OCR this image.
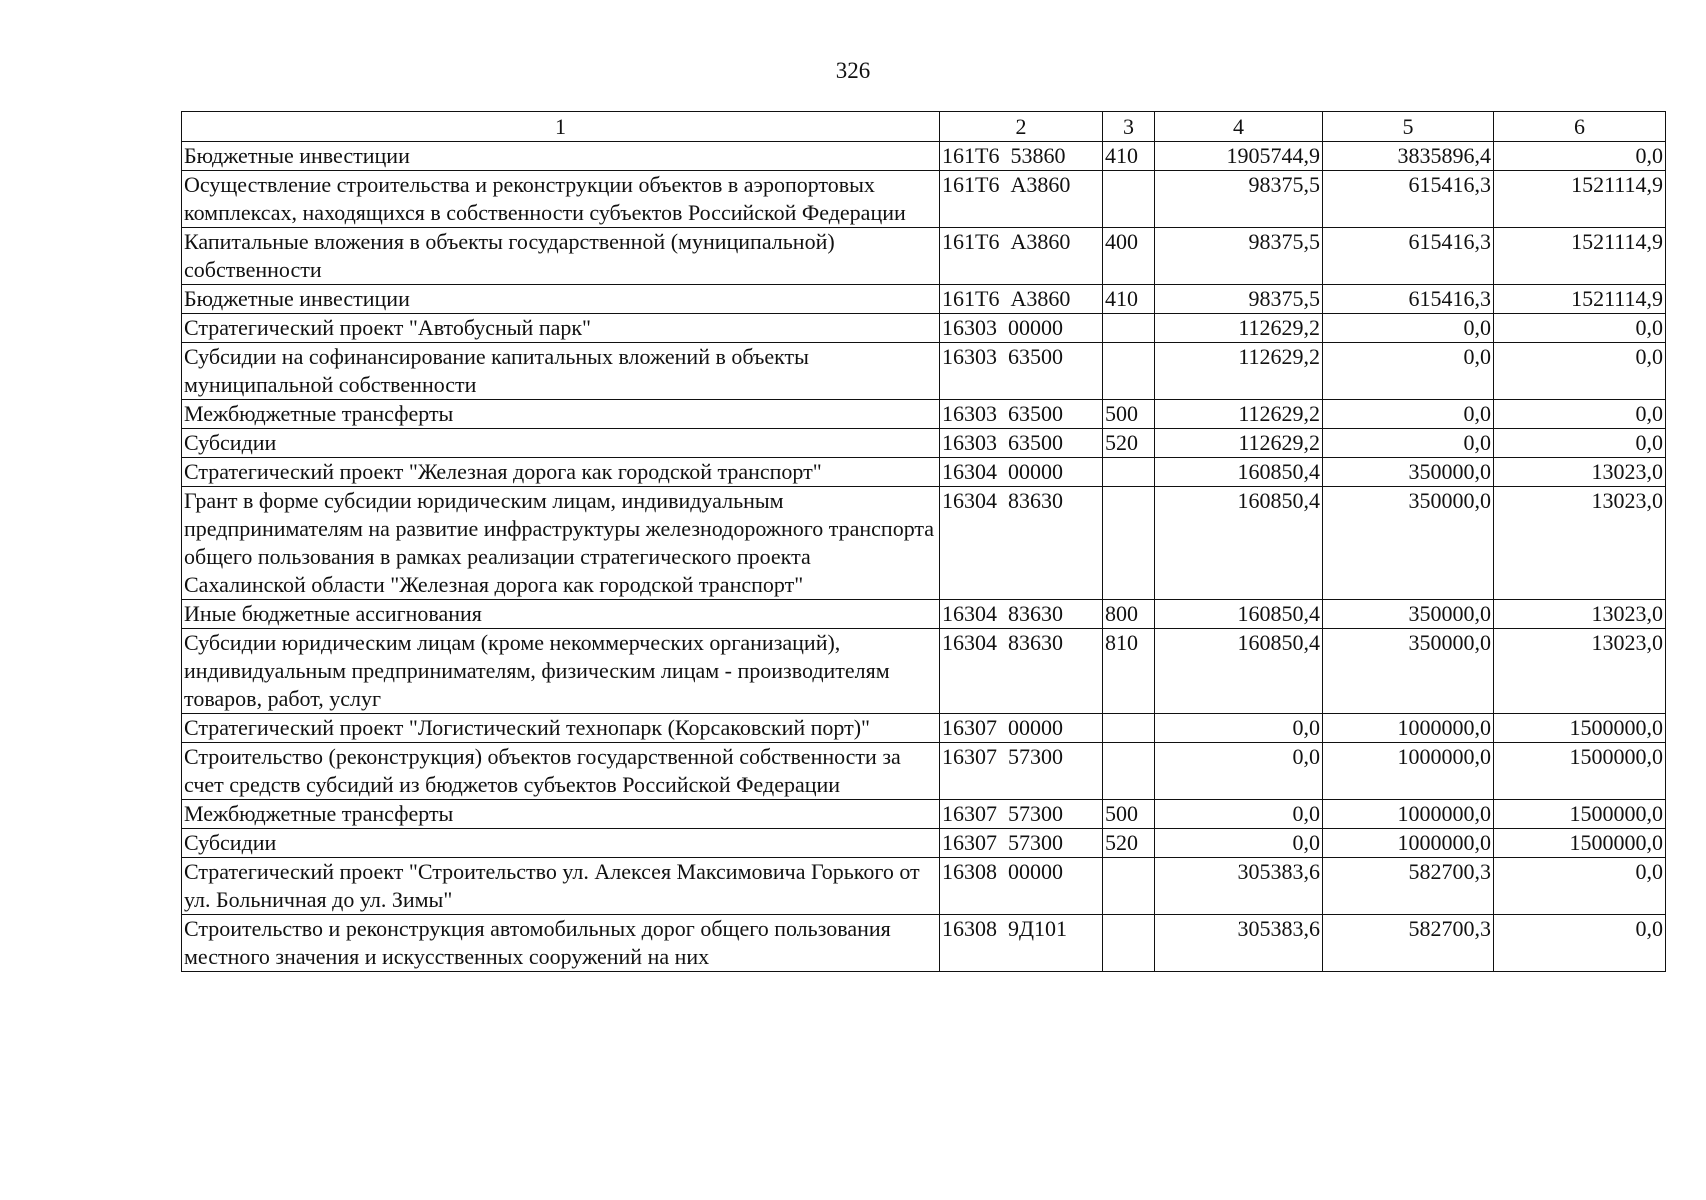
326
1	2	3	4	5	6
Бюджетные инвестиции	161Т6  53860	410	1905744,9	3835896,4	0,0
Осуществление строительства и реконструкции объектов в аэропортовых комплексах, находящихся в собственности субъектов Российской Федерации	161Т6  А3860		98375,5	615416,3	1521114,9
Капитальные вложения в объекты государственной (муниципальной) собственности	161Т6  А3860	400	98375,5	615416,3	1521114,9
Бюджетные инвестиции	161Т6  А3860	410	98375,5	615416,3	1521114,9
Стратегический проект "Автобусный парк"	16303  00000		112629,2	0,0	0,0
Субсидии на софинансирование капитальных вложений в объекты муниципальной собственности	16303  63500		112629,2	0,0	0,0
Межбюджетные трансферты	16303  63500	500	112629,2	0,0	0,0
Субсидии	16303  63500	520	112629,2	0,0	0,0
Стратегический проект "Железная дорога как городской транспорт"	16304  00000		160850,4	350000,0	13023,0
Грант в форме субсидии юридическим лицам, индивидуальным предпринимателям на развитие инфраструктуры железнодорожного транспорта общего пользования в рамках реализации стратегического проекта Сахалинской области "Железная дорога как городской транспорт"	16304  83630		160850,4	350000,0	13023,0
Иные бюджетные ассигнования	16304  83630	800	160850,4	350000,0	13023,0
Субсидии юридическим лицам (кроме некоммерческих организаций), индивидуальным предпринимателям, физическим лицам - производителям товаров, работ, услуг	16304  83630	810	160850,4	350000,0	13023,0
Стратегический проект "Логистический технопарк (Корсаковский порт)"	16307  00000		0,0	1000000,0	1500000,0
Строительство (реконструкция) объектов государственной собственности за счет средств субсидий из бюджетов субъектов Российской Федерации	16307  57300		0,0	1000000,0	1500000,0
Межбюджетные трансферты	16307  57300	500	0,0	1000000,0	1500000,0
Субсидии	16307  57300	520	0,0	1000000,0	1500000,0
Стратегический проект "Строительство ул. Алексея Максимовича Горького от ул. Больничная до ул. Зимы"	16308  00000		305383,6	582700,3	0,0
Строительство и реконструкция автомобильных дорог общего пользования местного значения и искусственных сооружений на них	16308  9Д101		305383,6	582700,3	0,0
